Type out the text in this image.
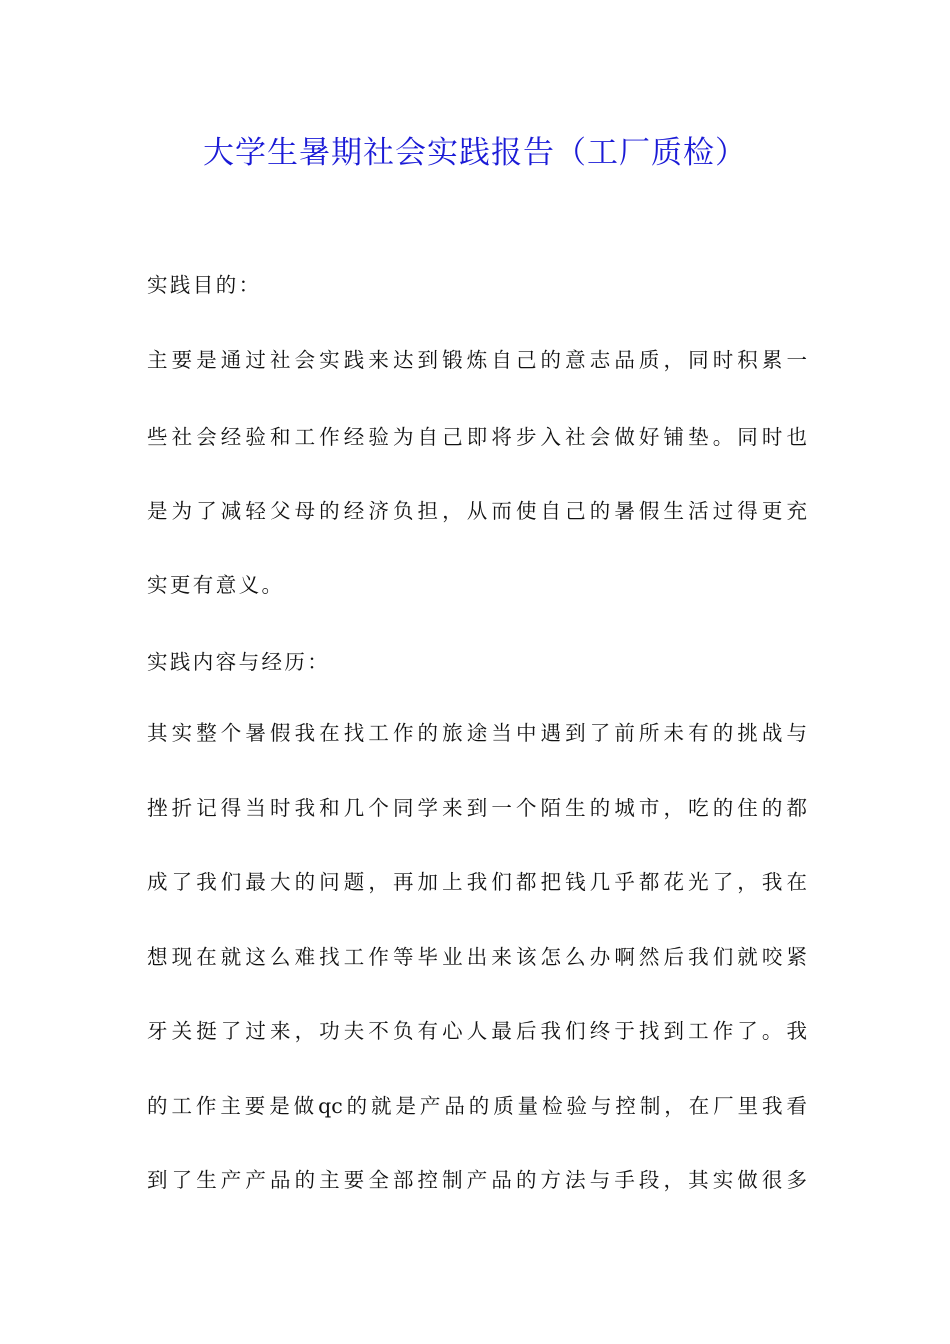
大学生暑期社会实践报告（工厂质检）

实践目的：

主要是通过社会实践来达到锻炼自己的意志品质，同时积累一

些社会经验和工作经验为自己即将步入社会做好铺垫。同时也

是为了减轻父母的经济负担，从而使自己的暑假生活过得更充

实更有意义。

实践内容与经历：

其实整个暑假我在找工作的旅途当中遇到了前所未有的挑战与

挫折记得当时我和几个同学来到一个陌生的城市，吃的住的都

成了我们最大的问题，再加上我们都把钱几乎都花光了，我在

想现在就这么难找工作等毕业出来该怎么办啊然后我们就咬紧

牙关挺了过来，功夫不负有心人最后我们终于找到工作了。我

的工作主要是做qc的就是产品的质量检验与控制，在厂里我看

到了生产产品的主要全部控制产品的方法与手段，其实做很多
